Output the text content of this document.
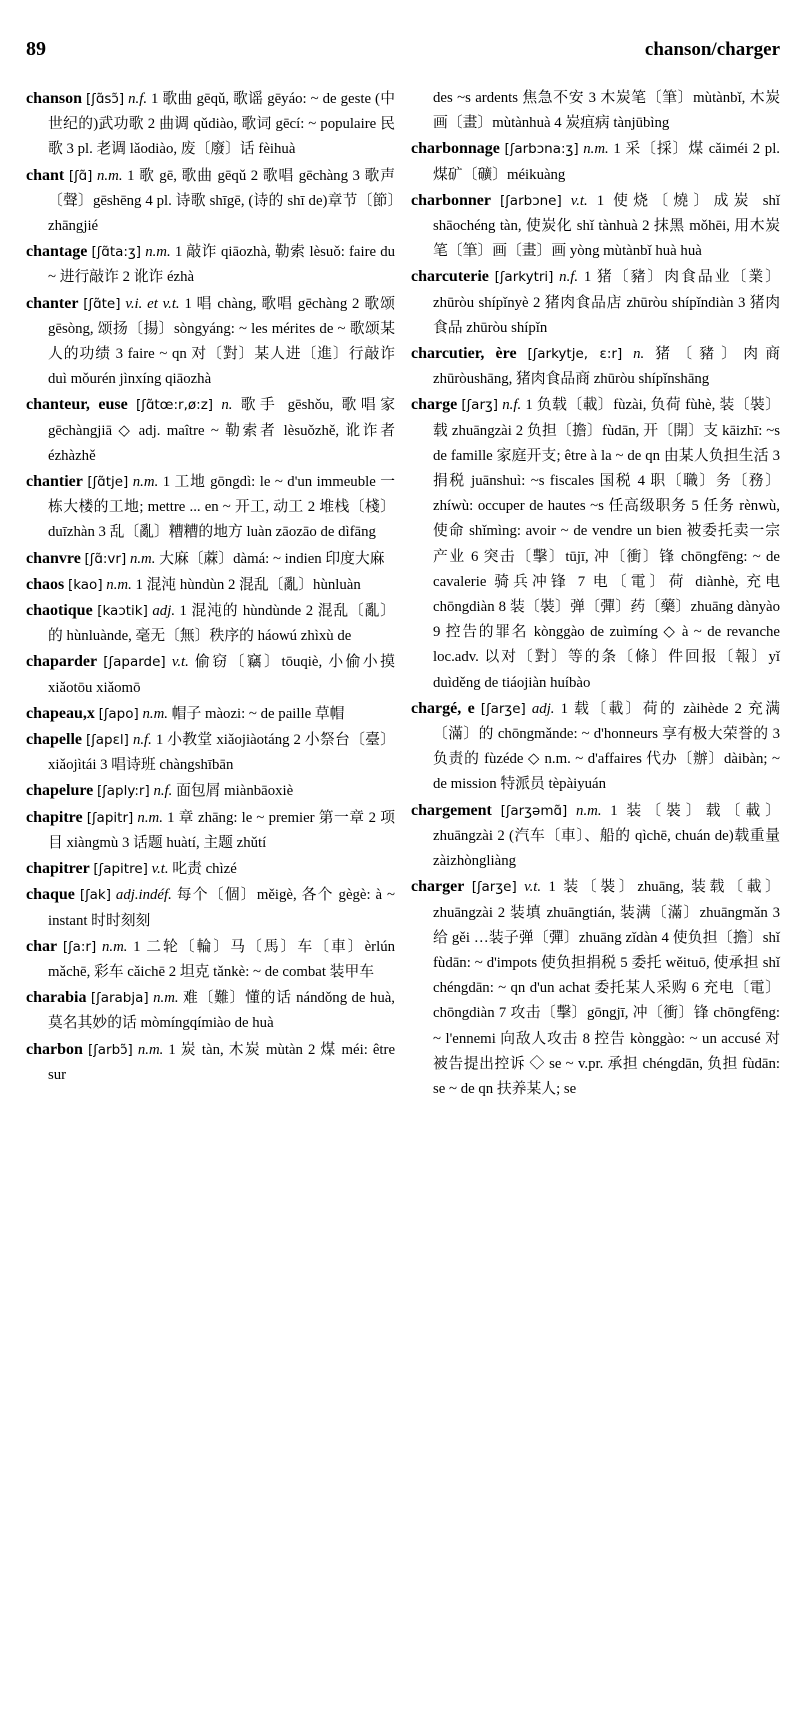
89	chanson/charger

chanson [ʃɑ̃sɔ̃] n.f. 1 歌曲 gēqǔ, 歌谣 gēyáo: ~ de geste (中世纪的)武功歌 2 曲调 qǔdiào, 歌词 gēcí: ~ populaire 民歌 3 pl. 老调 lǎodiào, 废〔廢〕话 fèihuà

chant [ʃɑ̃] n.m. 1 歌 gē, 歌曲 gēqǔ 2 歌唱 gēchàng 3 歌声〔聲〕gēshēng 4 pl. 诗歌 shīgē, (诗的 shī de)章节〔節〕zhāngjié

chantage [ʃɑ̃ta:ʒ] n.m. 1 敲诈 qiāozhà, 勒索 lèsuǒ: faire du ~ 进行敲诈 2 讹诈 ézhà

chanter [ʃɑ̃te] v.i. et v.t. 1 唱 chàng, 歌唱 gēchàng 2 歌颂 gēsòng, 颂扬〔揚〕sòngyáng: ~ les mérites de ~ 歌颂某人的功绩 3 faire ~ qn 对〔對〕某人进〔進〕行敲诈 duì mǒurén jìnxíng qiāozhà

chanteur, euse [ʃɑ̃tœ:r,ø:z] n. 歌手 gēshǒu, 歌唱家 gēchàngjiā ◇ adj. maître ~ 勒索者 lèsuǒzhě, 讹诈者 ézhàzhě

chantier [ʃɑ̃tje] n.m. 1 工地 gōngdì: le ~ d'un immeuble 一栋大楼的工地; mettre ... en ~ 开工, 动工 2 堆栈〔棧〕duīzhàn 3 乱〔亂〕糟糟的地方 luàn zāozāo de dìfāng

chanvre [ʃɑ̃:vr] n.m. 大麻〔蔴〕dàmá: ~ indien 印度大麻

chaos [kao] n.m. 1 混沌 hùndùn 2 混乱〔亂〕hùnluàn

chaotique [kaɔtik] adj. 1 混沌的 hùndùnde 2 混乱〔亂〕的 hùnluànde, 毫无〔無〕秩序的 háowú zhìxù de

chaparder [ʃaparde] v.t. 偷窃〔竊〕tōuqiè, 小偷小摸 xiǎotōu xiǎomō

chapeau,x [ʃapo] n.m. 帽子 màozi: ~ de paille 草帽

chapelle [ʃapɛl] n.f. 1 小教堂 xiǎojiàotáng 2 小祭台〔臺〕xiǎojìtái 3 唱诗班 chàngshībān

chapelure [ʃaply:r] n.f. 面包屑 miànbāoxiè

chapitre [ʃapitr] n.m. 1 章 zhāng: le ~ premier 第一章 2 项目 xiàngmù 3 话题 huàtí, 主题 zhǔtí

chapitrer [ʃapitre] v.t. 叱责 chìzé

chaque [ʃak] adj.indéf. 每个〔個〕měigè, 各个 gègè: à ~ instant 时时刻刻

char [ʃa:r] n.m. 1 二轮〔輪〕马〔馬〕车〔車〕èrlún mǎchē, 彩车 cǎichē 2 坦克 tǎnkè: ~ de combat 装甲车

charabia [ʃarabja] n.m. 难〔難〕懂的话 nándǒng de huà, 莫名其妙的话 mòmíngqímiào de huà

charbon [ʃarbɔ̃] n.m. 1 炭 tàn, 木炭 mùtàn 2 煤 méi: être sur

des ~s ardents 焦急不安 3 木炭笔〔筆〕mùtànbǐ, 木炭画〔畫〕mùtànhuà 4 炭疽病 tànjūbìng

charbonnage [ʃarbɔna:ʒ] n.m. 1 采〔採〕煤 cǎiméi 2 pl. 煤矿〔礦〕méikuàng

charbonner [ʃarbɔne] v.t. 1 使烧〔燒〕成炭 shǐ shāochéng tàn, 使炭化 shǐ tànhuà 2 抹黑 mǒhēi, 用木炭笔〔筆〕画〔畫〕画 yòng mùtànbǐ huà huà

charcuterie [ʃarkytri] n.f. 1 猪〔豬〕肉食品业〔業〕zhūròu shípǐnyè 2 猪肉食品店 zhūròu shípǐndiàn 3 猪肉食品 zhūròu shípǐn

charcutier, ère [ʃarkytje, ɛ:r] n. 猪〔豬〕肉商 zhūròushāng, 猪肉食品商 zhūròu shípǐnshāng

charge [ʃarʒ] n.f. 1 负载〔載〕fùzài, 负荷 fùhè, 装〔裝〕载 zhuāngzài 2 负担〔擔〕fùdān, 开〔開〕支 kāizhī: ~s de famille 家庭开支; être à la ~ de qn 由某人负担生活 3 捐税 juānshuì: ~s fiscales 国税 4 职〔職〕务〔務〕zhíwù: occuper de hautes ~s 任高级职务 5 任务 rènwù, 使命 shǐmìng: avoir ~ de vendre un bien 被委托卖一宗产业 6 突击〔擊〕tūjī, 冲〔衝〕锋 chōngfēng: ~ de cavalerie 骑兵冲锋 7 电〔電〕荷 diànhè, 充电 chōngdiàn 8 装〔裝〕弹〔彈〕药〔藥〕zhuāng dànyào 9 控告的罪名 kònggào de zuìmíng ◇ à ~ de revanche loc.adv. 以对〔對〕等的条〔條〕件回报〔報〕yǐ duìděng de tiáojiàn huíbào

chargé, e [ʃarʒe] adj. 1 载〔載〕荷的 zàihède 2 充满〔滿〕的 chōngmǎnde: ~ d'honneurs 享有极大荣誉的 3 负责的 fùzéde ◇ n.m. ~ d'affaires 代办〔辦〕dàibàn; ~ de mission 特派员 tèpàiyuán

chargement [ʃarʒəmɑ̃] n.m. 1 装〔裝〕载〔載〕zhuāngzài 2 (汽车〔車〕、船的 qìchē, chuán de)载重量 zàizhòngliàng

charger [ʃarʒe] v.t. 1 装〔裝〕zhuāng, 装载〔載〕zhuāngzài 2 装填 zhuāngtián, 装满〔滿〕zhuāngmǎn 3 给 gěi …装子弹〔彈〕zhuāng zǐdàn 4 使负担〔擔〕shǐ fùdān: ~ d'impots 使负担捐税 5 委托 wěituō, 使承担 shǐ chéngdān: ~ qn d'un achat 委托某人采购 6 充电〔電〕chōngdiàn 7 攻击〔擊〕gōngjī, 冲〔衝〕锋 chōngfēng: ~ l'ennemi 向敌人攻击 8 控告 kònggào: ~ un accusé 对被告提出控诉 ◇ se ~ v.pr. 承担 chéngdān, 负担 fùdān: se ~ de qn 扶养某人; se
